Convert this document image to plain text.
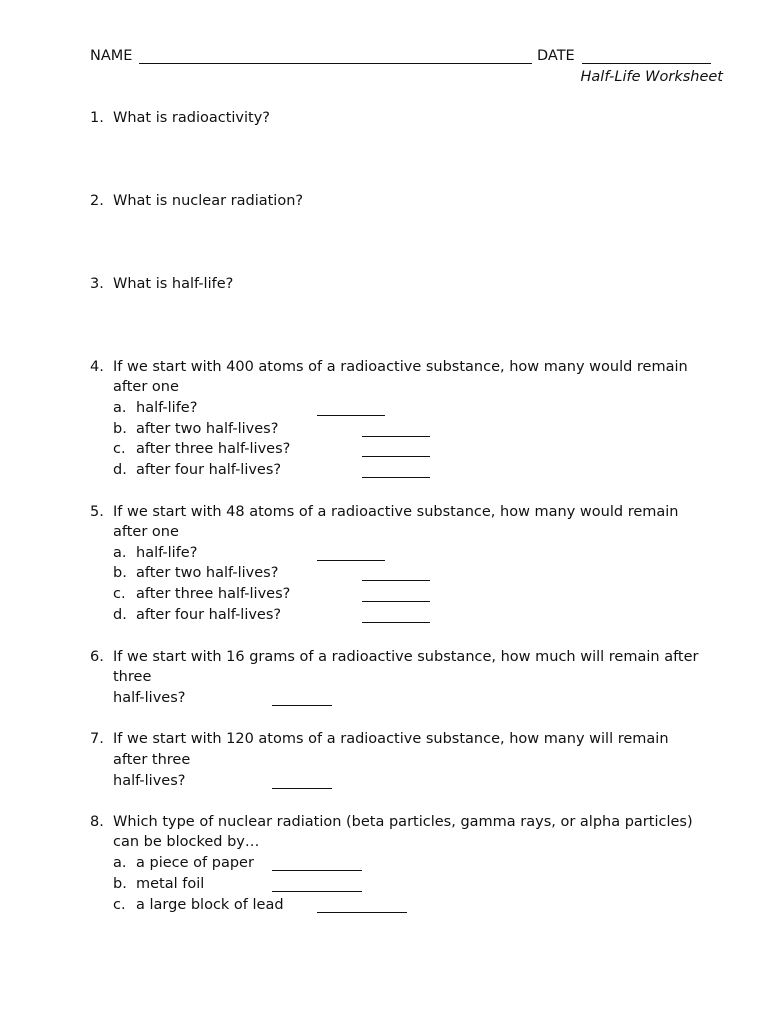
NAME	DATE
Half-Life Worksheet
1. What is radioactivity?
2. What is nuclear radiation?
3. What is half-life?
4. If we start with 400 atoms of a radioactive substance, how many would remain
after one
a. half-life?
b. after two half-lives?
c. after three half-lives?
d. after four half-lives?
5. If we start with 48 atoms of a radioactive substance, how many would remain
after one
a. half-life?
b. after two half-lives?
c. after three half-lives?
d. after four half-lives?
6. If we start with 16 grams of a radioactive substance, how much will remain after
three
half-lives?
7. If we start with 120 atoms of a radioactive substance, how many will remain
after three
half-lives?
8. Which type of nuclear radiation (beta particles, gamma rays, or alpha particles)
can be blocked by…
a. a piece of paper
b. metal foil
c. a large block of lead
